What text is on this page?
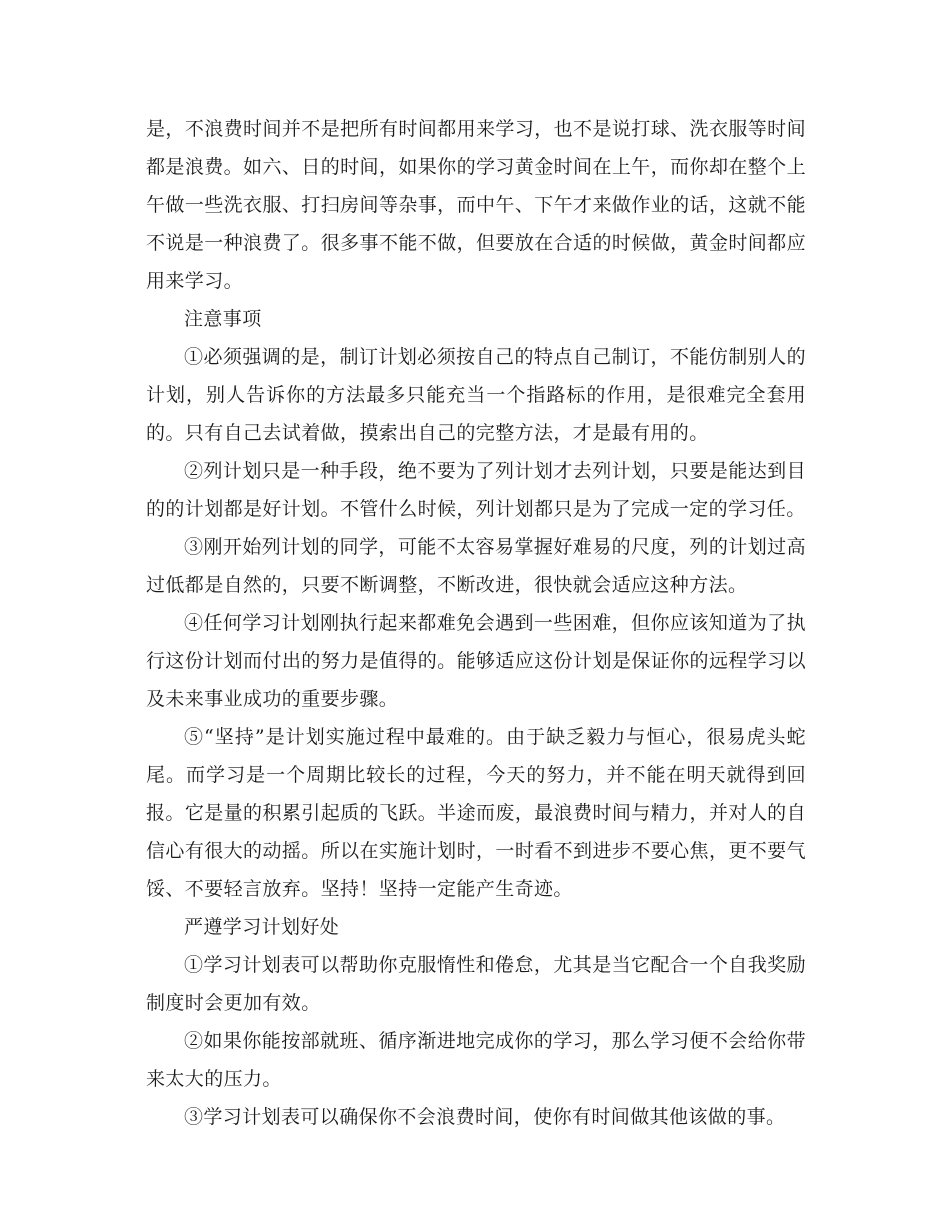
是，不浪费时间并不是把所有时间都用来学习，也不是说打球、洗衣服等时间都是浪费。如六、日的时间，如果你的学习黄金时间在上午，而你却在整个上午做一些洗衣服、打扫房间等杂事，而中午、下午才来做作业的话，这就不能不说是一种浪费了。很多事不能不做，但要放在合适的时候做，黄金时间都应用来学习。

注意事项

①必须强调的是，制订计划必须按自己的特点自己制订，不能仿制别人的计划，别人告诉你的方法最多只能充当一个指路标的作用，是很难完全套用的。只有自己去试着做，摸索出自己的完整方法，才是最有用的。

②列计划只是一种手段，绝不要为了列计划才去列计划，只要是能达到目的的计划都是好计划。不管什么时候，列计划都只是为了完成一定的学习任。

③刚开始列计划的同学，可能不太容易掌握好难易的尺度，列的计划过高过低都是自然的，只要不断调整，不断改进，很快就会适应这种方法。

④任何学习计划刚执行起来都难免会遇到一些困难，但你应该知道为了执行这份计划而付出的努力是值得的。能够适应这份计划是保证你的远程学习以及未来事业成功的重要步骤。

⑤“坚持”是计划实施过程中最难的。由于缺乏毅力与恒心，很易虎头蛇尾。而学习是一个周期比较长的过程，今天的努力，并不能在明天就得到回报。它是量的积累引起质的飞跃。半途而废，最浪费时间与精力，并对人的自信心有很大的动摇。所以在实施计划时，一时看不到进步不要心焦，更不要气馁、不要轻言放弃。坚持！坚持一定能产生奇迹。

严遵学习计划好处

①学习计划表可以帮助你克服惰性和倦怠，尤其是当它配合一个自我奖励制度时会更加有效。

②如果你能按部就班、循序渐进地完成你的学习，那么学习便不会给你带来太大的压力。

③学习计划表可以确保你不会浪费时间，使你有时间做其他该做的事。
